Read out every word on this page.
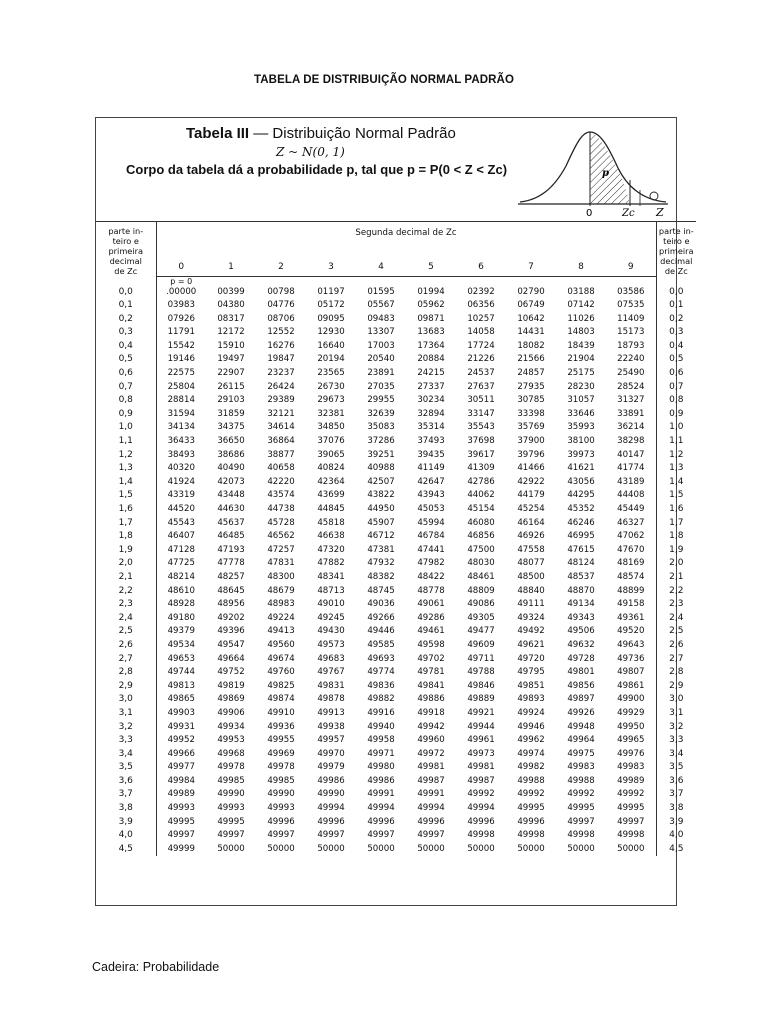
TABELA DE DISTRIBUIÇÃO NORMAL PADRÃO
Tabela III — Distribuição Normal Padrão
Z ~ N(0, 1)
Corpo da tabela dá a probabilidade p, tal que p = P(0 < Z < Zc)	p
0	Zc Z
parte in-
teiro e
primeira
decimal
de Zc	Segunda decimal de Zc										parte in-
teiro e
primeira
decimal
de Zc
	0	1	2	3	4	5	6	7	8	9	
	p = 0										
0,0	.00000	00399	00798	01197	01595	01994	02392	02790	03188	03586	0,0
0,1	03983	04380	04776	05172	05567	05962	06356	06749	07142	07535	0,1
0,2	07926	08317	08706	09095	09483	09871	10257	10642	11026	11409	0,2
0,3	11791	12172	12552	12930	13307	13683	14058	14431	14803	15173	0,3
0,4	15542	15910	16276	16640	17003	17364	17724	18082	18439	18793	0,4
0,5	19146	19497	19847	20194	20540	20884	21226	21566	21904	22240	0,5
0,6	22575	22907	23237	23565	23891	24215	24537	24857	25175	25490	0,6
0,7	25804	26115	26424	26730	27035	27337	27637	27935	28230	28524	0,7
0,8	28814	29103	29389	29673	29955	30234	30511	30785	31057	31327	0,8
0,9	31594	31859	32121	32381	32639	32894	33147	33398	33646	33891	0,9
1,0	34134	34375	34614	34850	35083	35314	35543	35769	35993	36214	1,0
1,1	36433	36650	36864	37076	37286	37493	37698	37900	38100	38298	1,1
1,2	38493	38686	38877	39065	39251	39435	39617	39796	39973	40147	1,2
1,3	40320	40490	40658	40824	40988	41149	41309	41466	41621	41774	1,3
1,4	41924	42073	42220	42364	42507	42647	42786	42922	43056	43189	1,4
1,5	43319	43448	43574	43699	43822	43943	44062	44179	44295	44408	1,5
1,6	44520	44630	44738	44845	44950	45053	45154	45254	45352	45449	1,6
1,7	45543	45637	45728	45818	45907	45994	46080	46164	46246	46327	1,7
1,8	46407	46485	46562	46638	46712	46784	46856	46926	46995	47062	1,8
1,9	47128	47193	47257	47320	47381	47441	47500	47558	47615	47670	1,9
2,0	47725	47778	47831	47882	47932	47982	48030	48077	48124	48169	2,0
2,1	48214	48257	48300	48341	48382	48422	48461	48500	48537	48574	2,1
2,2	48610	48645	48679	48713	48745	48778	48809	48840	48870	48899	2,2
2,3	48928	48956	48983	49010	49036	49061	49086	49111	49134	49158	2,3
2,4	49180	49202	49224	49245	49266	49286	49305	49324	49343	49361	2,4
2,5	49379	49396	49413	49430	49446	49461	49477	49492	49506	49520	2,5
2,6	49534	49547	49560	49573	49585	49598	49609	49621	49632	49643	2,6
2,7	49653	49664	49674	49683	49693	49702	49711	49720	49728	49736	2,7
2,8	49744	49752	49760	49767	49774	49781	49788	49795	49801	49807	2,8
2,9	49813	49819	49825	49831	49836	49841	49846	49851	49856	49861	2,9
3,0	49865	49869	49874	49878	49882	49886	49889	49893	49897	49900	3,0
3,1	49903	49906	49910	49913	49916	49918	49921	49924	49926	49929	3,1
3,2	49931	49934	49936	49938	49940	49942	49944	49946	49948	49950	3,2
3,3	49952	49953	49955	49957	49958	49960	49961	49962	49964	49965	3,3
3,4	49966	49968	49969	49970	49971	49972	49973	49974	49975	49976	3,4
3,5	49977	49978	49978	49979	49980	49981	49981	49982	49983	49983	3,5
3,6	49984	49985	49985	49986	49986	49987	49987	49988	49988	49989	3,6
3,7	49989	49990	49990	49990	49991	49991	49992	49992	49992	49992	3,7
3,8	49993	49993	49993	49994	49994	49994	49994	49995	49995	49995	3,8
3,9	49995	49995	49996	49996	49996	49996	49996	49996	49997	49997	3,9
4,0	49997	49997	49997	49997	49997	49997	49998	49998	49998	49998	4,0
4,5	49999	50000	50000	50000	50000	50000	50000	50000	50000	50000	4,5
Cadeira: Probabilidade
